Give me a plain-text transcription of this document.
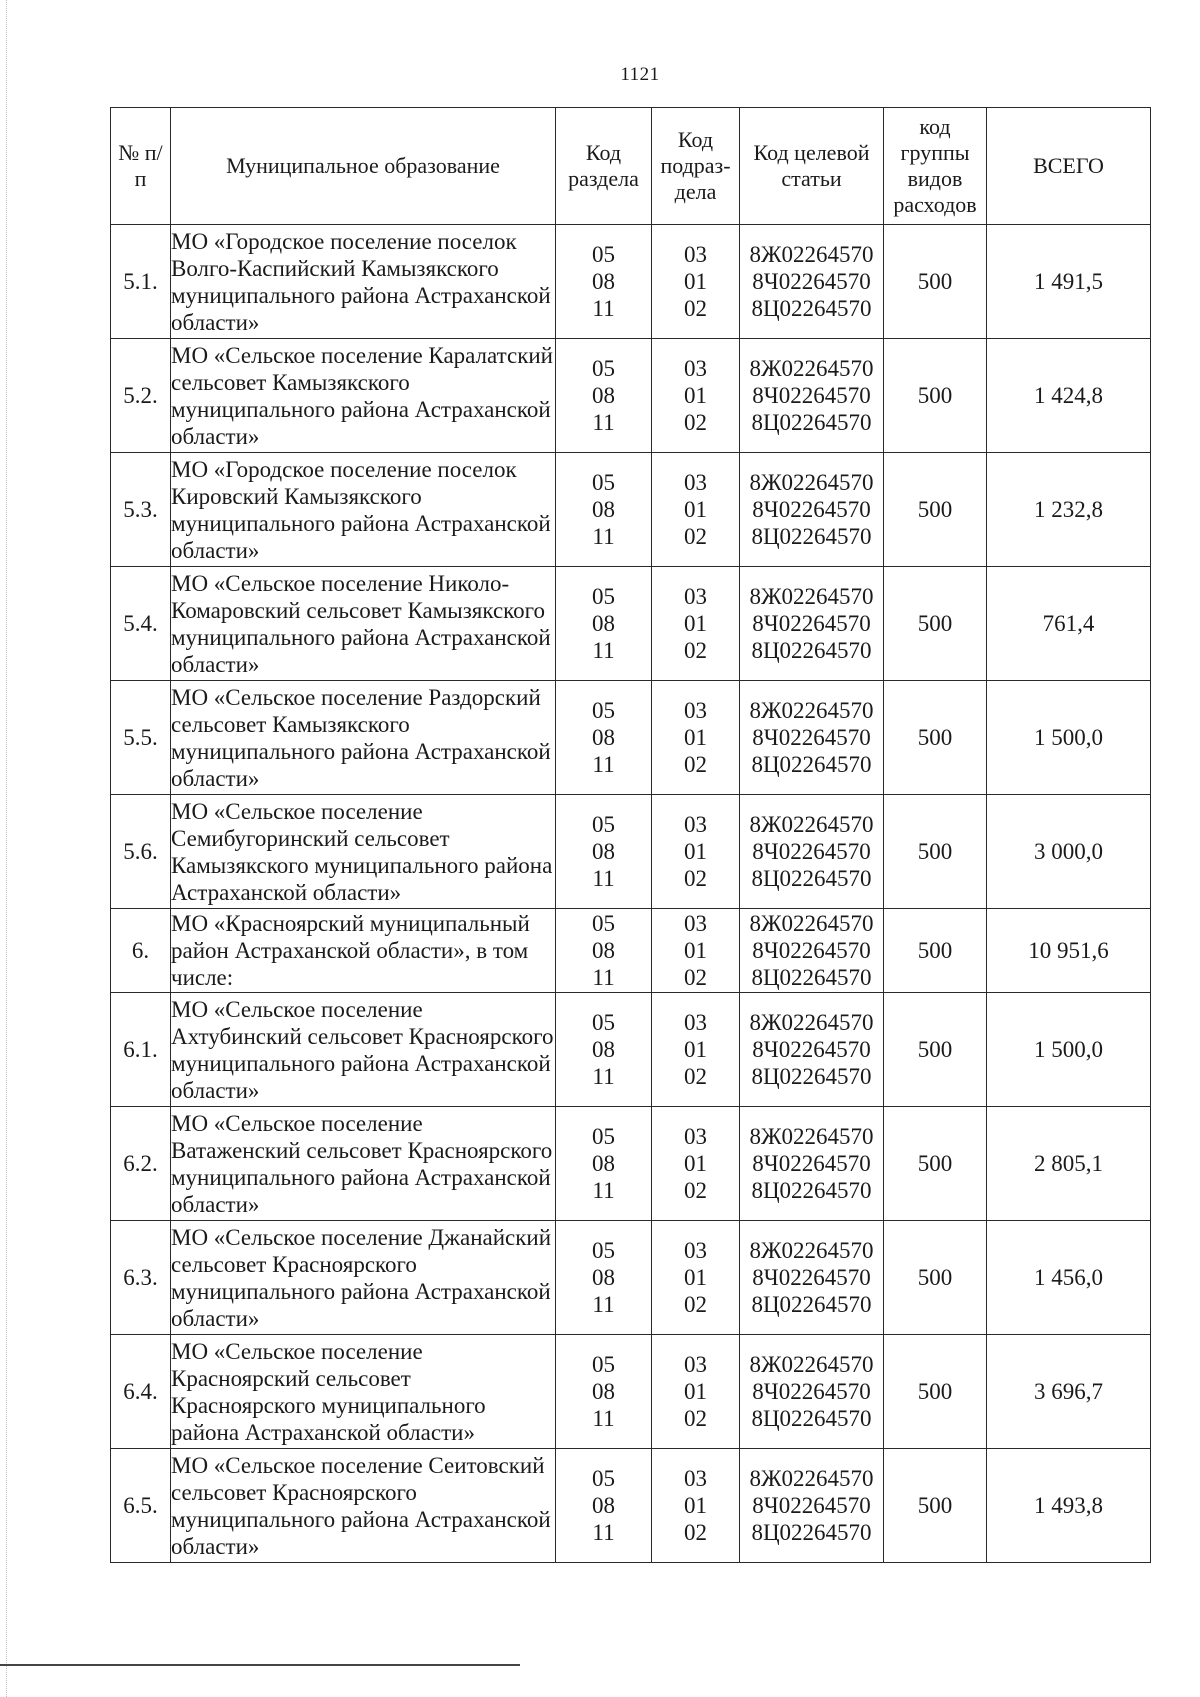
1121
№ п/п	Муниципальное образование	Код раздела	Код подраз-дела	Код целевой статьи	код группы видов расходов	ВСЕГО
5.1.	МО «Городское поселение поселок Волго-Каспийский Камызякского муниципального района Астраханской области»	05
08
11	03
01
02	8Ж02264570
8Ч02264570
8Ц02264570	500	1 491,5
5.2.	МО «Сельское поселение Каралатский сельсовет Камызякского муниципального района Астраханской области»	05
08
11	03
01
02	8Ж02264570
8Ч02264570
8Ц02264570	500	1 424,8
5.3.	МО «Городское поселение поселок Кировский Камызякского муниципального района Астраханской области»	05
08
11	03
01
02	8Ж02264570
8Ч02264570
8Ц02264570	500	1 232,8
5.4.	МО «Сельское поселение Николо-Комаровский сельсовет Камызякского муниципального района Астраханской области»	05
08
11	03
01
02	8Ж02264570
8Ч02264570
8Ц02264570	500	761,4
5.5.	МО «Сельское поселение Раздорский сельсовет Камызякского муниципального района Астраханской области»	05
08
11	03
01
02	8Ж02264570
8Ч02264570
8Ц02264570	500	1 500,0
5.6.	МО «Сельское поселение Семибугоринский сельсовет Камызякского муниципального района Астраханской области»	05
08
11	03
01
02	8Ж02264570
8Ч02264570
8Ц02264570	500	3 000,0
6.	МО «Красноярский муниципальный район Астраханской области», в том числе:	05
08
11	03
01
02	8Ж02264570
8Ч02264570
8Ц02264570	500	10 951,6
6.1.	МО «Сельское поселение Ахтубинский сельсовет Красноярского муниципального района Астраханской области»	05
08
11	03
01
02	8Ж02264570
8Ч02264570
8Ц02264570	500	1 500,0
6.2.	МО «Сельское поселение Ватаженский сельсовет Красноярского муниципального района Астраханской области»	05
08
11	03
01
02	8Ж02264570
8Ч02264570
8Ц02264570	500	2 805,1
6.3.	МО «Сельское поселение Джанайский сельсовет Красноярского муниципального района Астраханской области»	05
08
11	03
01
02	8Ж02264570
8Ч02264570
8Ц02264570	500	1 456,0
6.4.	МО «Сельское поселение Красноярский сельсовет Красноярского муниципального района Астраханской области»	05
08
11	03
01
02	8Ж02264570
8Ч02264570
8Ц02264570	500	3 696,7
6.5.	МО «Сельское поселение Сеитовский сельсовет Красноярского муниципального района Астраханской области»	05
08
11	03
01
02	8Ж02264570
8Ч02264570
8Ц02264570	500	1 493,8
